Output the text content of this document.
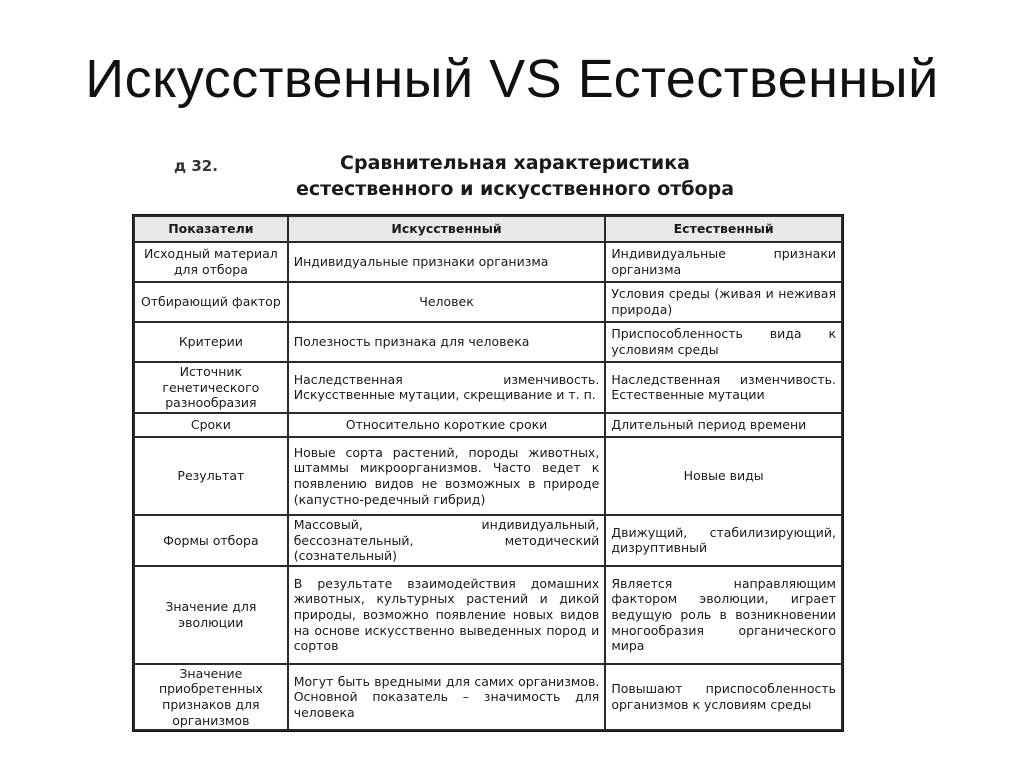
Искусственный VS Естественный
д 32.	Сравнительная характеристика
естественного и искусственного отбора
Показатели	Искусственный	Естественный
Исходный материал для отбора	Индивидуальные признаки организма	Индивидуальные признаки организма
Отбирающий фактор	Человек	Условия среды (живая и неживая природа)
Критерии	Полезность признака для человека	Приспособленность вида к условиям среды
Источник генетического разнообразия	Наследственная изменчивость. Искусственные мутации, скрещивание и т. п.	Наследственная изменчивость. Естественные мутации
Сроки	Относительно короткие сроки	Длительный период времени
Результат	Новые сорта растений, породы животных, штаммы микроорганизмов. Часто ведет к появлению видов не возможных в природе (капустно-редечный гибрид)	Новые виды
Формы отбора	Массовый, индивидуальный, бессознательный, методический (сознательный)	Движущий, стабилизирующий, дизруптивный
Значение для эволюции	В результате взаимодействия домашних животных, культурных растений и дикой природы, возможно появление новых видов на основе искусственно выведенных пород и сортов	Является направляющим фактором эволюции, играет ведущую роль в возникновении многообразия органического мира
Значение приобретенных признаков для организмов	Могут быть вредными для самих организмов. Основной показатель – значимость для человека	Повышают приспособленность организмов к условиям среды
